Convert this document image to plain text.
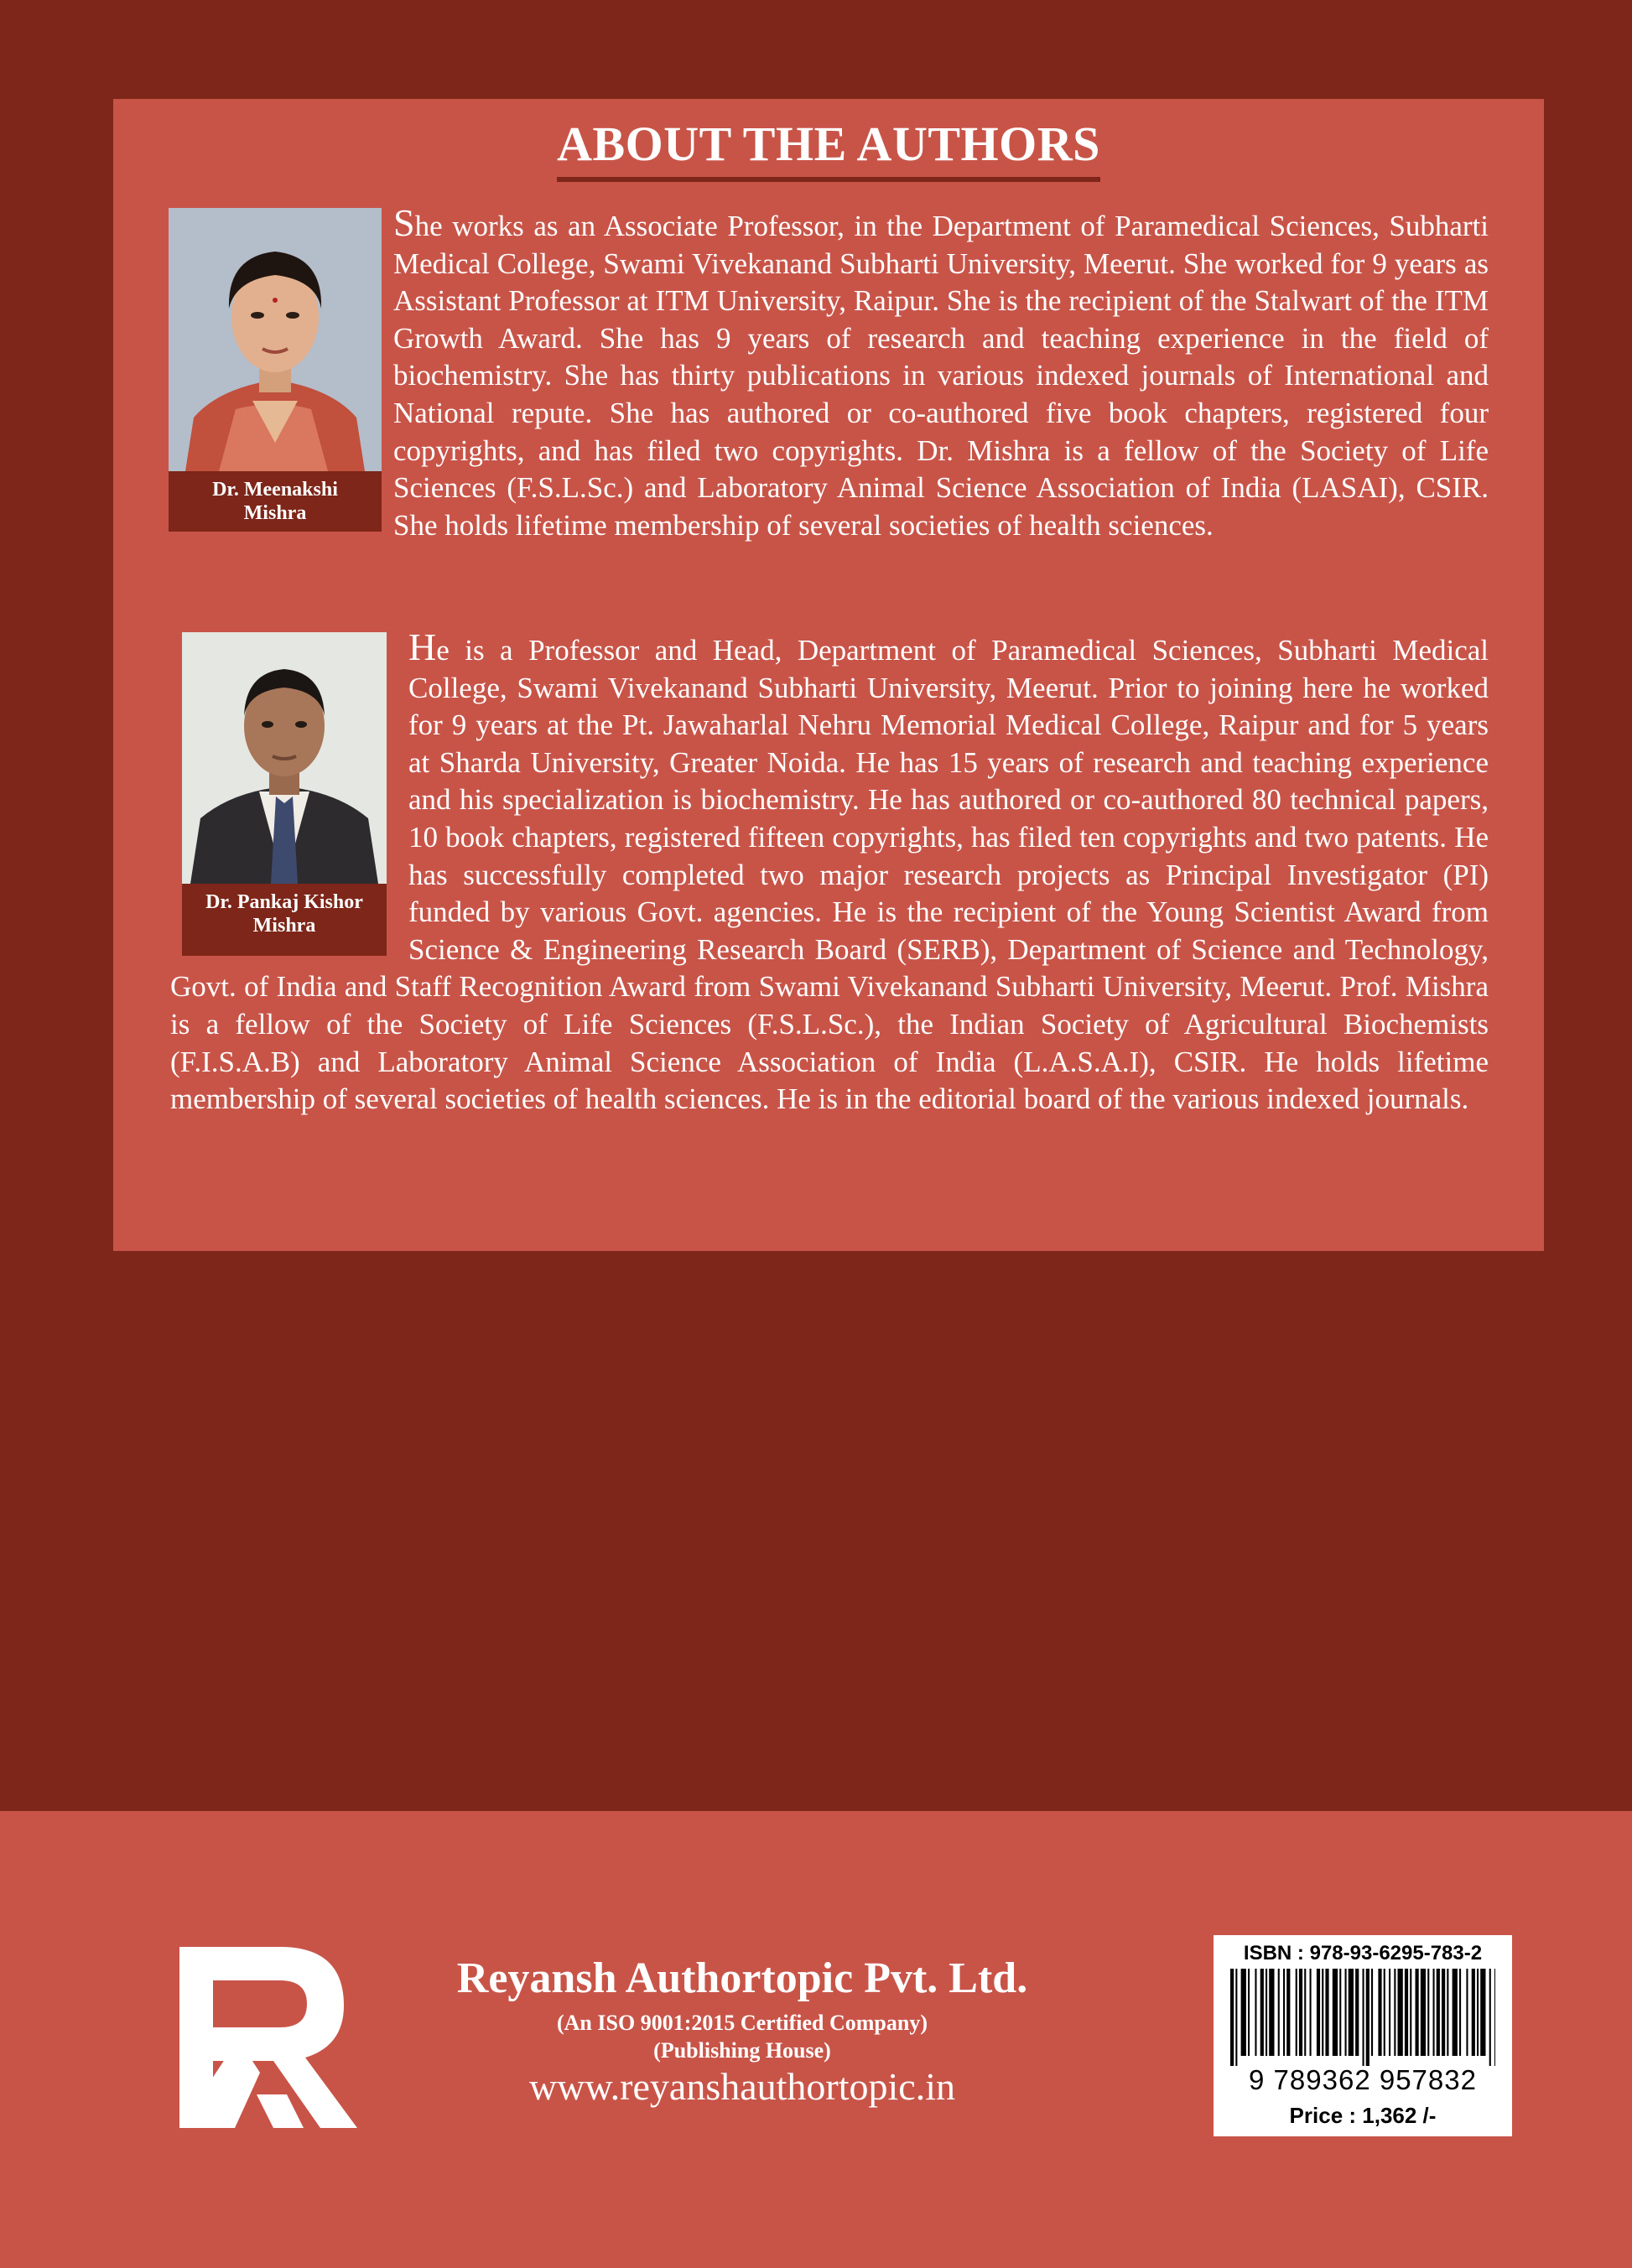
ABOUT THE AUTHORS
Dr. Meenakshi
Mishra
She works as an Associate Professor, in the Department of Paramedical Sciences, Subharti Medical College, Swami Vivekanand Subharti University, Meerut. She worked for 9 years as Assistant Professor at ITM University, Raipur. She is the recipient of the Stalwart of the ITM Growth Award. She has 9 years of research and teaching experience in the field of biochemistry. She has thirty publications in various indexed journals of International and National repute. She has authored or co-authored five book chapters, registered four copyrights, and has filed two copyrights. Dr. Mishra is a fellow of the Society of Life Sciences (F.S.L.Sc.) and Laboratory Animal Science Association of India (LASAI), CSIR. She holds lifetime membership of several societies of health sciences.
Dr. Pankaj Kishor
Mishra
He is a Professor and Head, Department of Paramedical Sciences, Subharti Medical College, Swami Vivekanand Subharti University, Meerut. Prior to joining here he worked for 9 years at the Pt. Jawaharlal Nehru Memorial Medical College, Raipur and for 5 years at Sharda University, Greater Noida. He has 15 years of research and teaching experience and his specialization is biochemistry. He has authored or co-authored 80 technical papers, 10 book chapters, registered fifteen copyrights, has filed ten copyrights and two patents. He has successfully completed two major research projects as Principal Investigator (PI) funded by various Govt. agencies. He is the recipient of the Young Scientist Award from Science & Engineering Research Board (SERB), Department of Science and Technology, Govt. of India and Staff Recognition Award from Swami Vivekanand Subharti University, Meerut. Prof. Mishra is a fellow of the Society of Life Sciences (F.S.L.Sc.), the Indian Society of Agricultural Biochemists (F.I.S.A.B) and Laboratory Animal Science Association of India (L.A.S.A.I), CSIR. He holds lifetime membership of several societies of health sciences. He is in the editorial board of the various indexed journals.
Reyansh Authortopic Pvt. Ltd.

(An ISO 9001:2015 Certified Company)

(Publishing House)

www.reyanshauthortopic.in

ISBN : 978-93-6295-783-2

9 789362 957832

Price : 1,362 /-
